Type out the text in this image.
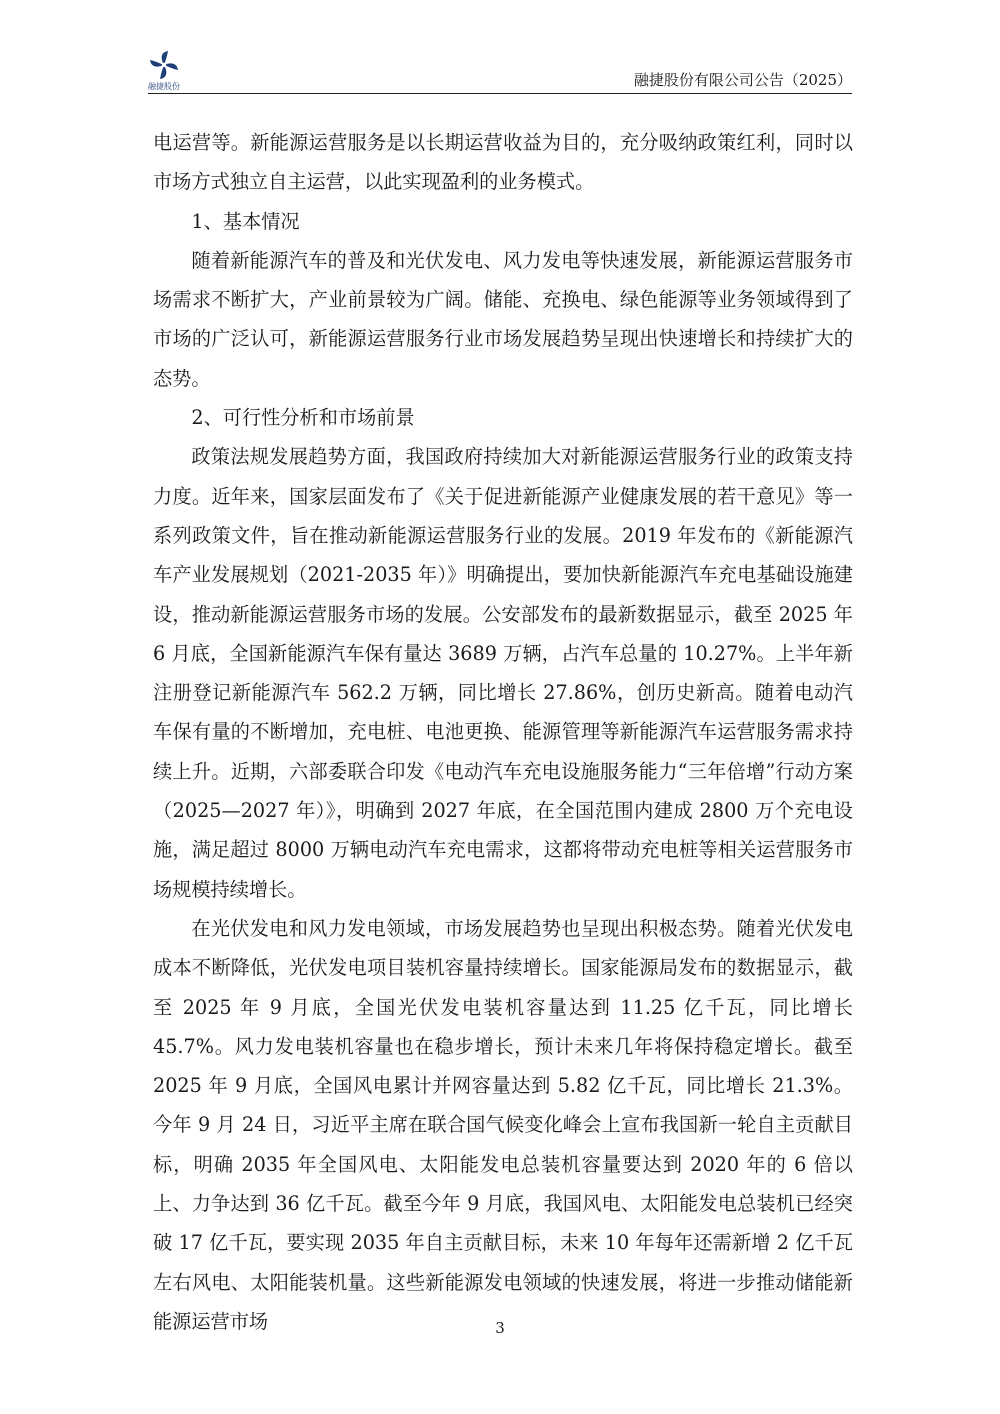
融捷股份	融捷股份有限公司公告（2025）

电运营等。新能源运营服务是以长期运营收益为目的，充分吸纳政策红利，同时以市场方式独立自主运营，以此实现盈利的业务模式。

1、基本情况

随着新能源汽车的普及和光伏发电、风力发电等快速发展，新能源运营服务市场需求不断扩大，产业前景较为广阔。储能、充换电、绿色能源等业务领域得到了市场的广泛认可，新能源运营服务行业市场发展趋势呈现出快速增长和持续扩大的态势。

2、可行性分析和市场前景

政策法规发展趋势方面，我国政府持续加大对新能源运营服务行业的政策支持力度。近年来，国家层面发布了《关于促进新能源产业健康发展的若干意见》等一系列政策文件，旨在推动新能源运营服务行业的发展。2019 年发布的《新能源汽车产业发展规划（2021-2035 年）》明确提出，要加快新能源汽车充电基础设施建设，推动新能源运营服务市场的发展。公安部发布的最新数据显示，截至 2025 年 6 月底，全国新能源汽车保有量达 3689 万辆，占汽车总量的 10.27%。上半年新注册登记新能源汽车 562.2 万辆，同比增长 27.86%，创历史新高。随着电动汽车保有量的不断增加，充电桩、电池更换、能源管理等新能源汽车运营服务需求持续上升。近期，六部委联合印发《电动汽车充电设施服务能力“三年倍增”行动方案（2025—2027 年）》，明确到 2027 年底，在全国范围内建成 2800 万个充电设施，满足超过 8000 万辆电动汽车充电需求，这都将带动充电桩等相关运营服务市场规模持续增长。

在光伏发电和风力发电领域，市场发展趋势也呈现出积极态势。随着光伏发电成本不断降低，光伏发电项目装机容量持续增长。国家能源局发布的数据显示，截至 2025 年 9 月底，全国光伏发电装机容量达到 11.25 亿千瓦，同比增长 45.7%。风力发电装机容量也在稳步增长，预计未来几年将保持稳定增长。截至 2025 年 9 月底，全国风电累计并网容量达到 5.82 亿千瓦，同比增长 21.3%。今年 9 月 24 日，习近平主席在联合国气候变化峰会上宣布我国新一轮自主贡献目标，明确 2035 年全国风电、太阳能发电总装机容量要达到 2020 年的 6 倍以上、力争达到 36 亿千瓦。截至今年 9 月底，我国风电、太阳能发电总装机已经突破 17 亿千瓦，要实现 2035 年自主贡献目标，未来 10 年每年还需新增 2 亿千瓦左右风电、太阳能装机量。这些新能源发电领域的快速发展，将进一步推动储能新能源运营市场	3
